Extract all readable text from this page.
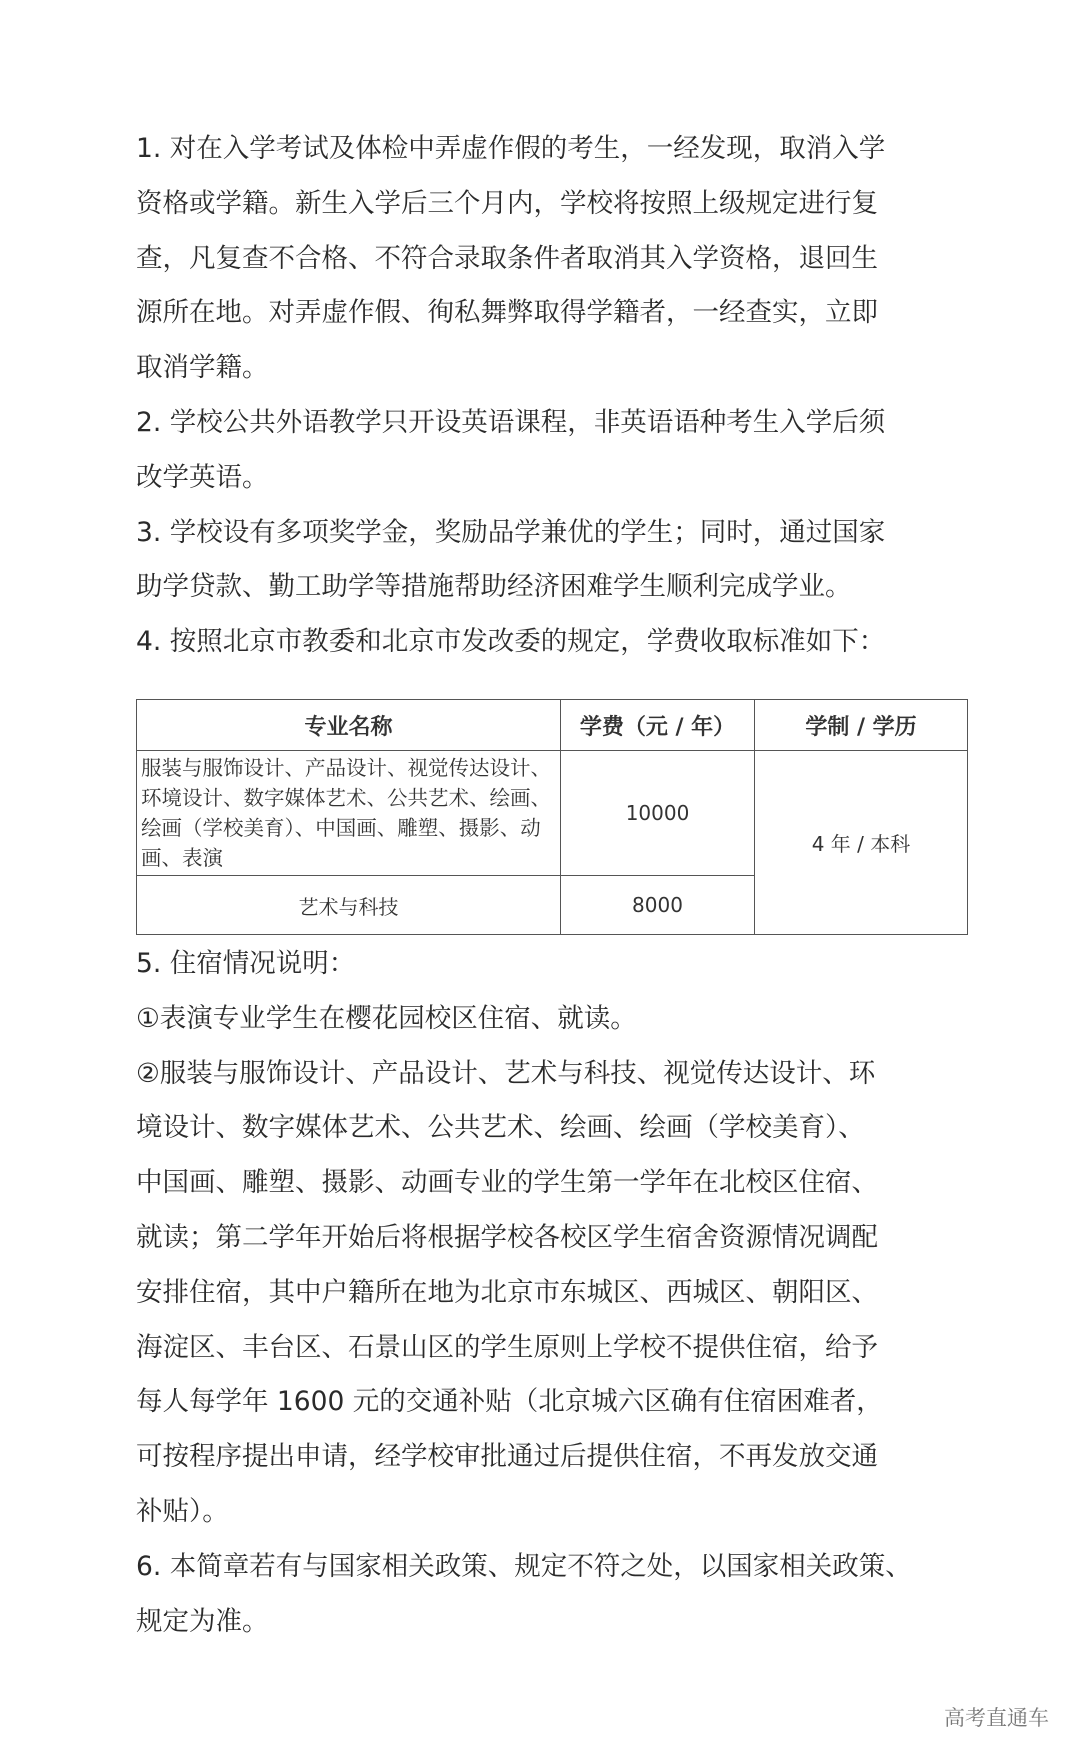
1. 对在入学考试及体检中弄虚作假的考生，一经发现，取消入学
资格或学籍。新生入学后三个月内，学校将按照上级规定进行复
查，凡复查不合格、不符合录取条件者取消其入学资格，退回生
源所在地。对弄虚作假、徇私舞弊取得学籍者，一经查实，立即
取消学籍。
2. 学校公共外语教学只开设英语课程，非英语语种考生入学后须
改学英语。
3. 学校设有多项奖学金，奖励品学兼优的学生；同时，通过国家
助学贷款、勤工助学等措施帮助经济困难学生顺利完成学业。
4. 按照北京市教委和北京市发改委的规定，学费收取标准如下：
专业名称	学费（元 / 年）	学制 / 学历
服装与服饰设计、产品设计、视觉传达设计、环境设计、数字媒体艺术、公共艺术、绘画、绘画（学校美育）、中国画、雕塑、摄影、动画、表演	10000	4 年 / 本科
艺术与科技	8000	
5. 住宿情况说明：
①表演专业学生在樱花园校区住宿、就读。
②服装与服饰设计、产品设计、艺术与科技、视觉传达设计、环
境设计、数字媒体艺术、公共艺术、绘画、绘画（学校美育）、
中国画、雕塑、摄影、动画专业的学生第一学年在北校区住宿、
就读；第二学年开始后将根据学校各校区学生宿舍资源情况调配
安排住宿，其中户籍所在地为北京市东城区、西城区、朝阳区、
海淀区、丰台区、石景山区的学生原则上学校不提供住宿，给予
每人每学年 1600 元的交通补贴（北京城六区确有住宿困难者，
可按程序提出申请，经学校审批通过后提供住宿，不再发放交通
补贴）。
6. 本简章若有与国家相关政策、规定不符之处，以国家相关政策、
规定为准。
高考直通车
